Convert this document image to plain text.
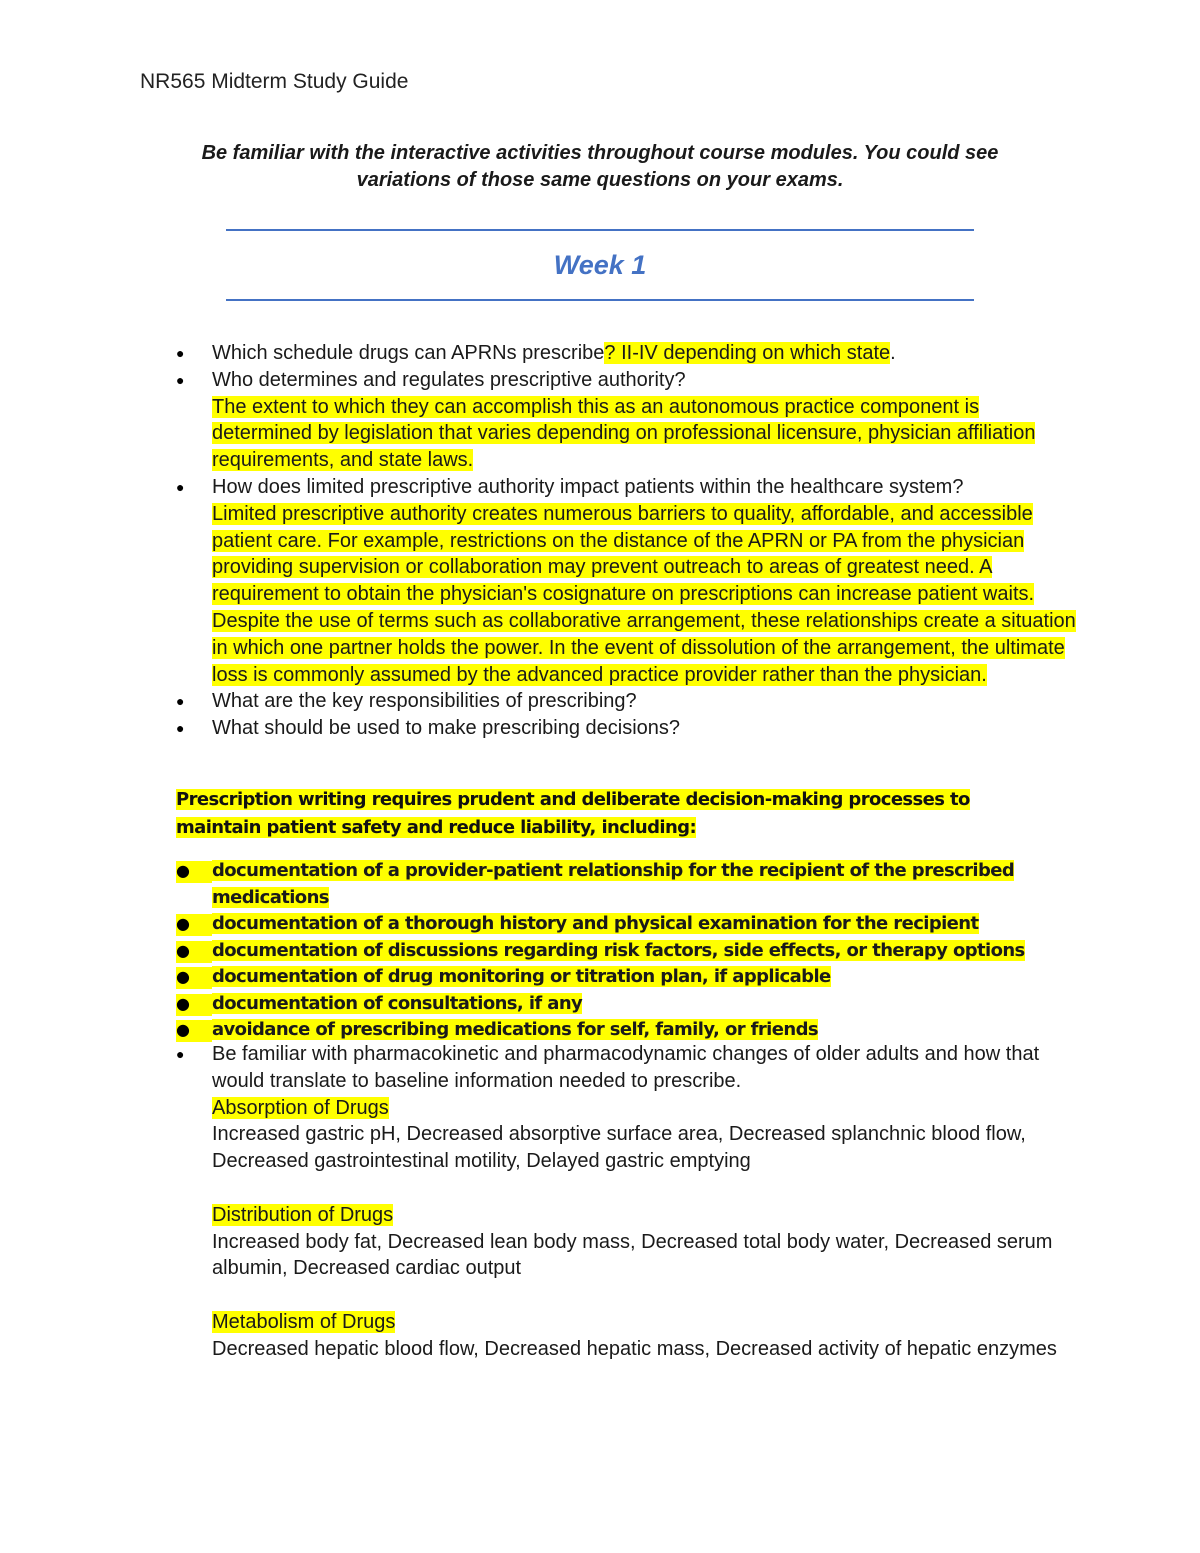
NR565 Midterm Study Guide
Be familiar with the interactive activities throughout course modules. You could see
variations of those same questions on your exams.
Week 1
● Which schedule drugs can APRNs prescribe? II-IV depending on which state.
● Who determines and regulates prescriptive authority?
The extent to which they can accomplish this as an autonomous practice component is determined by legislation that varies depending on professional licensure, physician affiliation requirements, and state laws.
● How does limited prescriptive authority impact patients within the healthcare system?
Limited prescriptive authority creates numerous barriers to quality, affordable, and accessible patient care. For example, restrictions on the distance of the APRN or PA from the physician providing supervision or collaboration may prevent outreach to areas of greatest need. A requirement to obtain the physician's cosignature on prescriptions can increase patient waits. Despite the use of terms such as collaborative arrangement, these relationships create a situation in which one partner holds the power. In the event of dissolution of the arrangement, the ultimate loss is commonly assumed by the advanced practice provider rather than the physician.
● What are the key responsibilities of prescribing?
● What should be used to make prescribing decisions?
Prescription writing requires prudent and deliberate decision-making processes to maintain patient safety and reduce liability, including:
● documentation of a provider-patient relationship for the recipient of the prescribed medications
● documentation of a thorough history and physical examination for the recipient
● documentation of discussions regarding risk factors, side effects, or therapy options
● documentation of drug monitoring or titration plan, if applicable
● documentation of consultations, if any
● avoidance of prescribing medications for self, family, or friends
● Be familiar with pharmacokinetic and pharmacodynamic changes of older adults and how that would translate to baseline information needed to prescribe.
Absorption of Drugs
Increased gastric pH, Decreased absorptive surface area, Decreased splanchnic blood flow, Decreased gastrointestinal motility, Delayed gastric emptying
Distribution of Drugs
Increased body fat, Decreased lean body mass, Decreased total body water, Decreased serum albumin, Decreased cardiac output
Metabolism of Drugs
Decreased hepatic blood flow, Decreased hepatic mass, Decreased activity of hepatic enzymes
